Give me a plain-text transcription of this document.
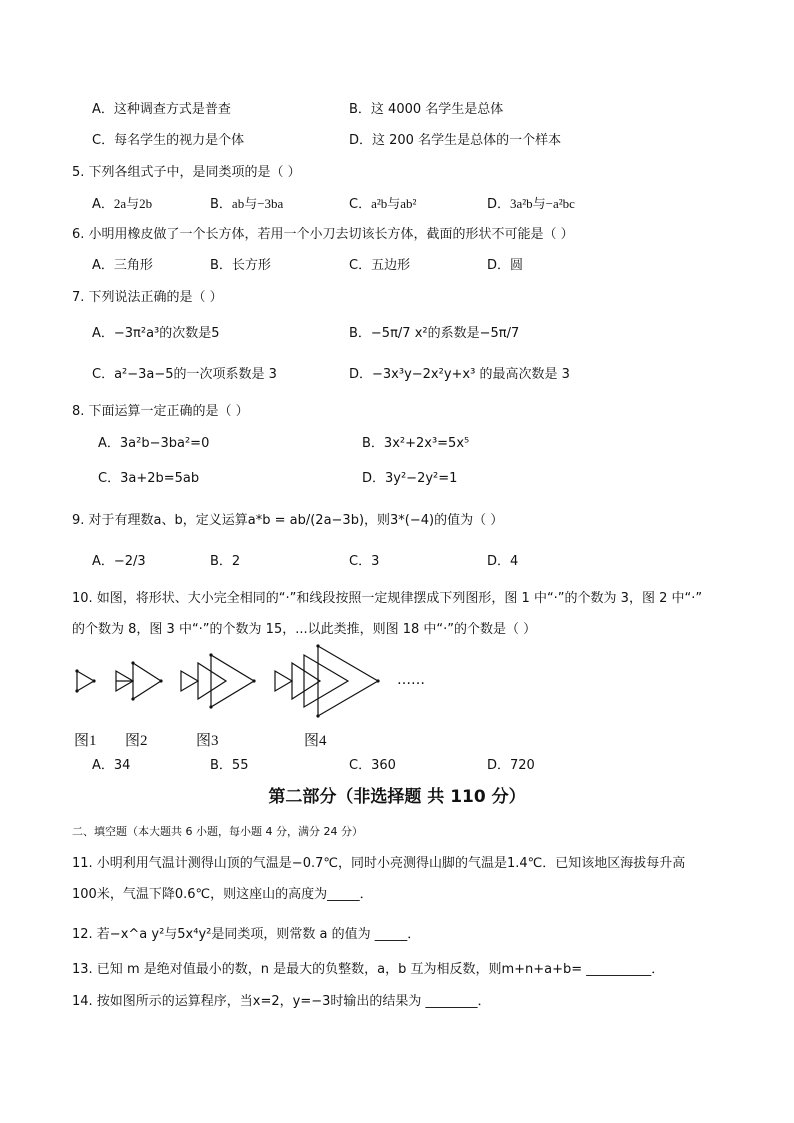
A．这种调查方式是普查	B．这 4000 名学生是总体
C．每名学生的视力是个体	D．这 200 名学生是总体的一个样本
5. 下列各组式子中，是同类项的是（ ）
A．2a与2b	B．ab与−3ba	C．a²b与ab²	D．3a²b与−a²bc
6. 小明用橡皮做了一个长方体，若用一个小刀去切该长方体，截面的形状不可能是（ ）
A．三角形	B．长方形	C．五边形	D．圆
7. 下列说法正确的是（ ）
A．−3π²a³的次数是5	B．−5π/7 x²的系数是−5π/7
C．a²−3a−5的一次项系数是 3	D．−3x³y−2x²y+x³ 的最高次数是 3
8. 下面运算一定正确的是（ ）
A．3a²b−3ba²=0	B．3x²+2x³=5x⁵
C．3a+2b=5ab	D．3y²−2y²=1
9. 对于有理数a、b，定义运算a*b = ab/(2a−3b)，则3*(−4)的值为（ ）
A．−2/3	B．2	C．3	D．4
10. 如图，将形状、大小完全相同的“·”和线段按照一定规律摆成下列图形，图 1 中“·”的个数为 3，图 2 中“·”
的个数为 8，图 3 中“·”的个数为 15，...以此类推，则图 18 中“·”的个数是（ ）
……
图1 图2	图3	图4
A．34	B．55	C．360	D．720
第二部分（非选择题 共 110 分）
二、填空题（本大题共 6 小题，每小题 4 分，满分 24 分）
11. 小明利用气温计测得山顶的气温是−0.7℃，同时小亮测得山脚的气温是1.4℃．已知该地区海拔每升高
100米，气温下降0.6℃，则这座山的高度为_____．
12. 若−x^a y²与5x⁴y²是同类项，则常数 a 的值为 _____．
13. 已知 m 是绝对值最小的数，n 是最大的负整数，a，b 互为相反数，则m+n+a+b= __________．
14. 按如图所示的运算程序，当x=2，y=−3时输出的结果为 ________．
